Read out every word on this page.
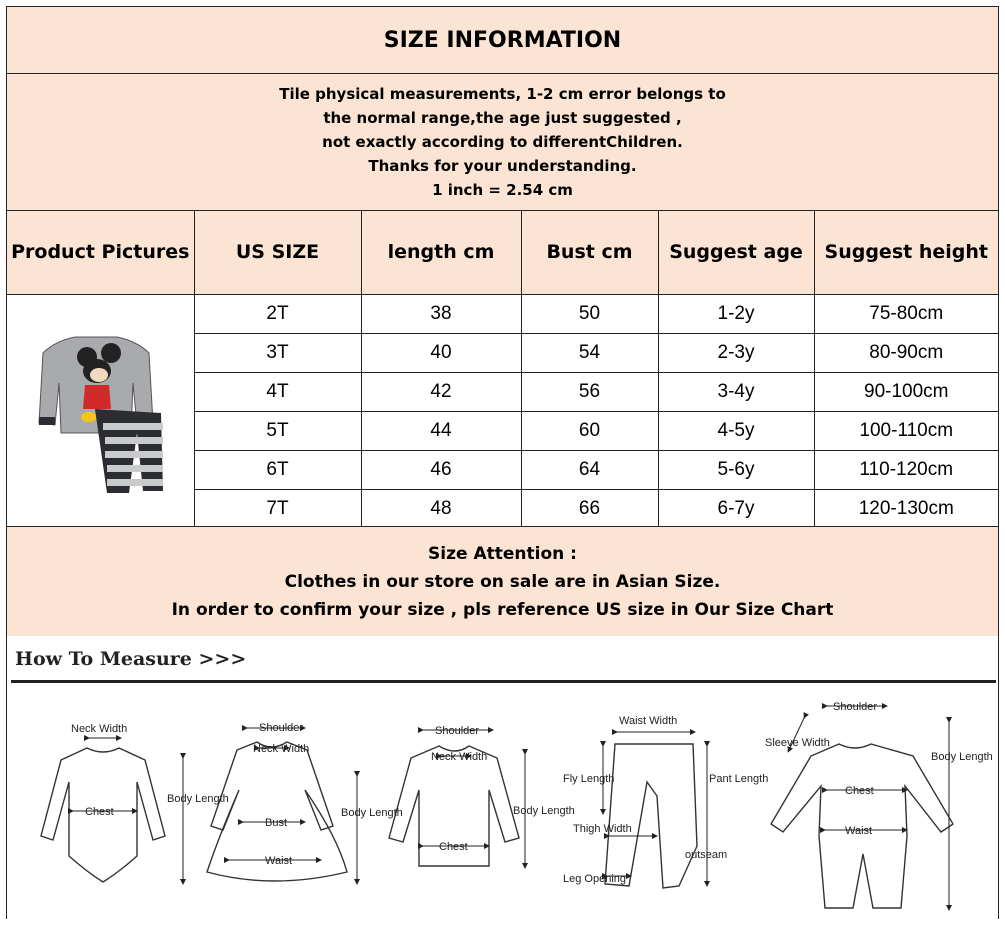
SIZE INFORMATION
Tile physical measurements, 1-2 cm error belongs to
the normal range,the age just suggested ,
not exactly according to differentChildren.
Thanks for your understanding.
1 inch = 2.54 cm
Product Pictures	US SIZE	length cm	Bust cm	Suggest age	Suggest height
	2T	38	50	1-2y	75-80cm
	3T	40	54	2-3y	80-90cm
	4T	42	56	3-4y	90-100cm
	5T	44	60	4-5y	100-110cm
	6T	46	64	5-6y	110-120cm
	7T	48	66	6-7y	120-130cm
Size Attention :
Clothes in our store on sale are in Asian Size.
In order to confirm your size , pls reference US size in Our Size Chart
How To Measure >>>
Neck Width
Chest
Body Length
Shoulder
Neck Width
Bust
Waist
Body Length
Shoulder
Neck Width
Chest
Body Length
Waist Width
Fly Length	Pant Length
Thigh Width
outseam
Leg Opening
Shoulder
Sleeve Width
Chest
Waist
Body Length
